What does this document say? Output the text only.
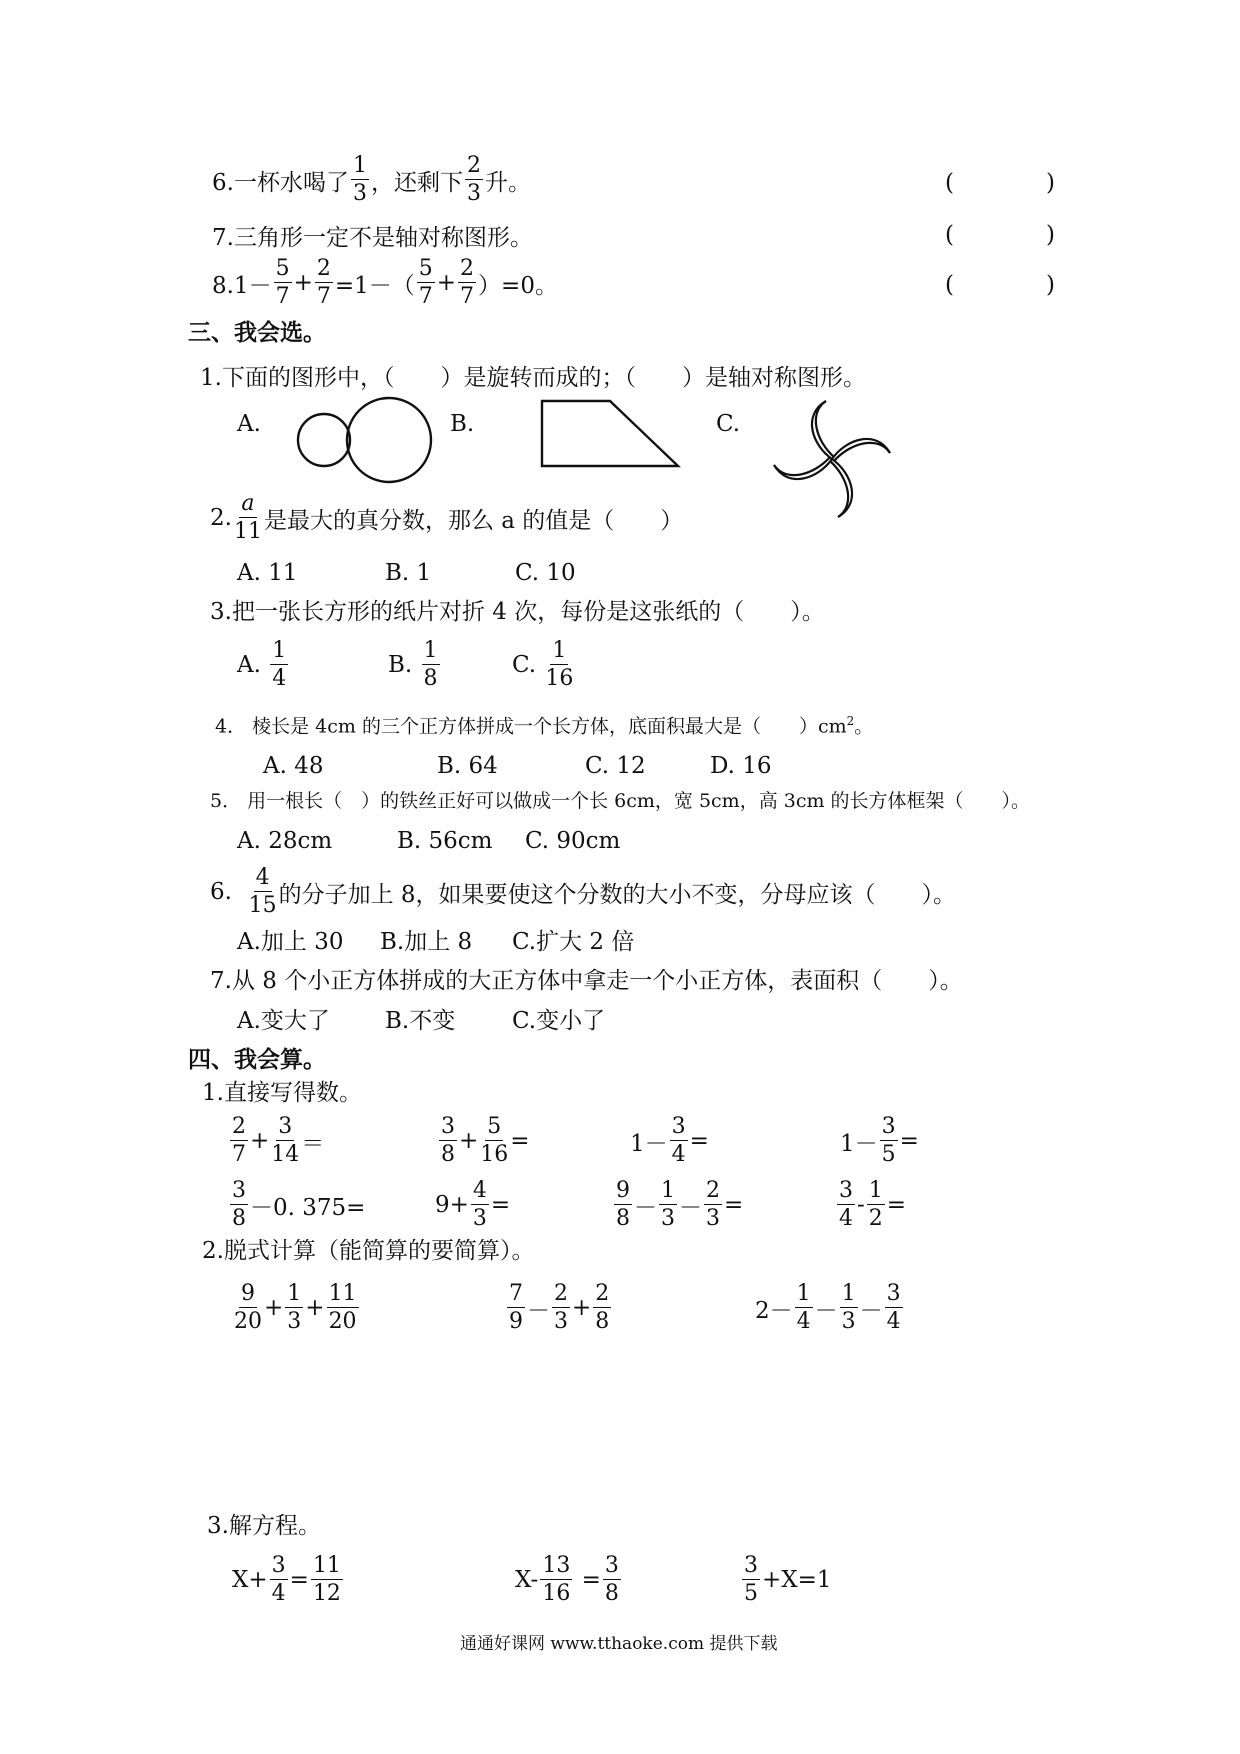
6.一杯水喝了 $\frac{1}{3}$ ，还剩下 $\frac{2}{3}$ 升。	(	)
7.三角形一定不是轴对称图形。	(	)
$8.1- \frac{5}{7} + \frac{2}{7} =1-( \frac{5}{7} + \frac{2}{7} )=0$。	(	)
三、我会选。
1.下面的图形中，（　　）是旋转而成的；（　　）是轴对称图形。
A.	B.	C.
2. $\frac{a}{11}$ 是最大的真分数，那么 a 的值是（　　）
A. 11	B. 1	C. 10
3.把一张长方形的纸片对折 4 次，每份是这张纸的（　　）。
A.
$\frac{1}{4}$	B.
$\frac{1}{8}$	C.
$\frac{1}{16}$
4． 棱长是 4cm 的三个正方体拼成一个长方体，底面积最大是（　　）$cm^2$。
A. 48	B. 64	C. 12	D. 16
5． 用一根长（　）的铁丝正好可以做成一个长 6cm，宽 5cm，高 3cm 的长方体框架（　　）。
A. 28cm	B. 56cm C. 90cm
6.
$\frac{4}{15}$ 的分子加上 8，如果要使这个分数的大小不变，分母应该（　　）。
A.加上 30 B.加上 8 C.扩大 2 倍
7.从 8 个小正方体拼成的大正方体中拿走一个小正方体，表面积（　　）。
A.变大了 B.不变 C.变小了
四、我会算。
1.直接写得数。
$\frac{2}{7} + \frac{3}{14}$ ＝	$\frac{3}{8} + \frac{5}{16}$ =	$1- \frac{3}{4}$ =	$1- \frac{3}{5}$ =
$\frac{3}{8} -0$. 375=	$9+ \frac{4}{3}$ =	$\frac{9}{8} - \frac{1}{3} - \frac{2}{3}$ =	$\frac{3}{4} - \frac{1}{2}$ =
2.脱式计算（能简算的要简算）。
$\frac{9}{20} + \frac{1}{3} + \frac{11}{20}$	$\frac{7}{9} - \frac{2}{3} + \frac{2}{8}$	$2- \frac{1}{4} - \frac{1}{3} - \frac{3}{4}$
3.解方程。
$X+ \frac{3}{4} = \frac{11}{12}$	$X- \frac{13}{16}$
= $\frac{3}{8}$	$\frac{3}{5} +X=1$
通通好课网 www.tthaoke.com 提供下载
